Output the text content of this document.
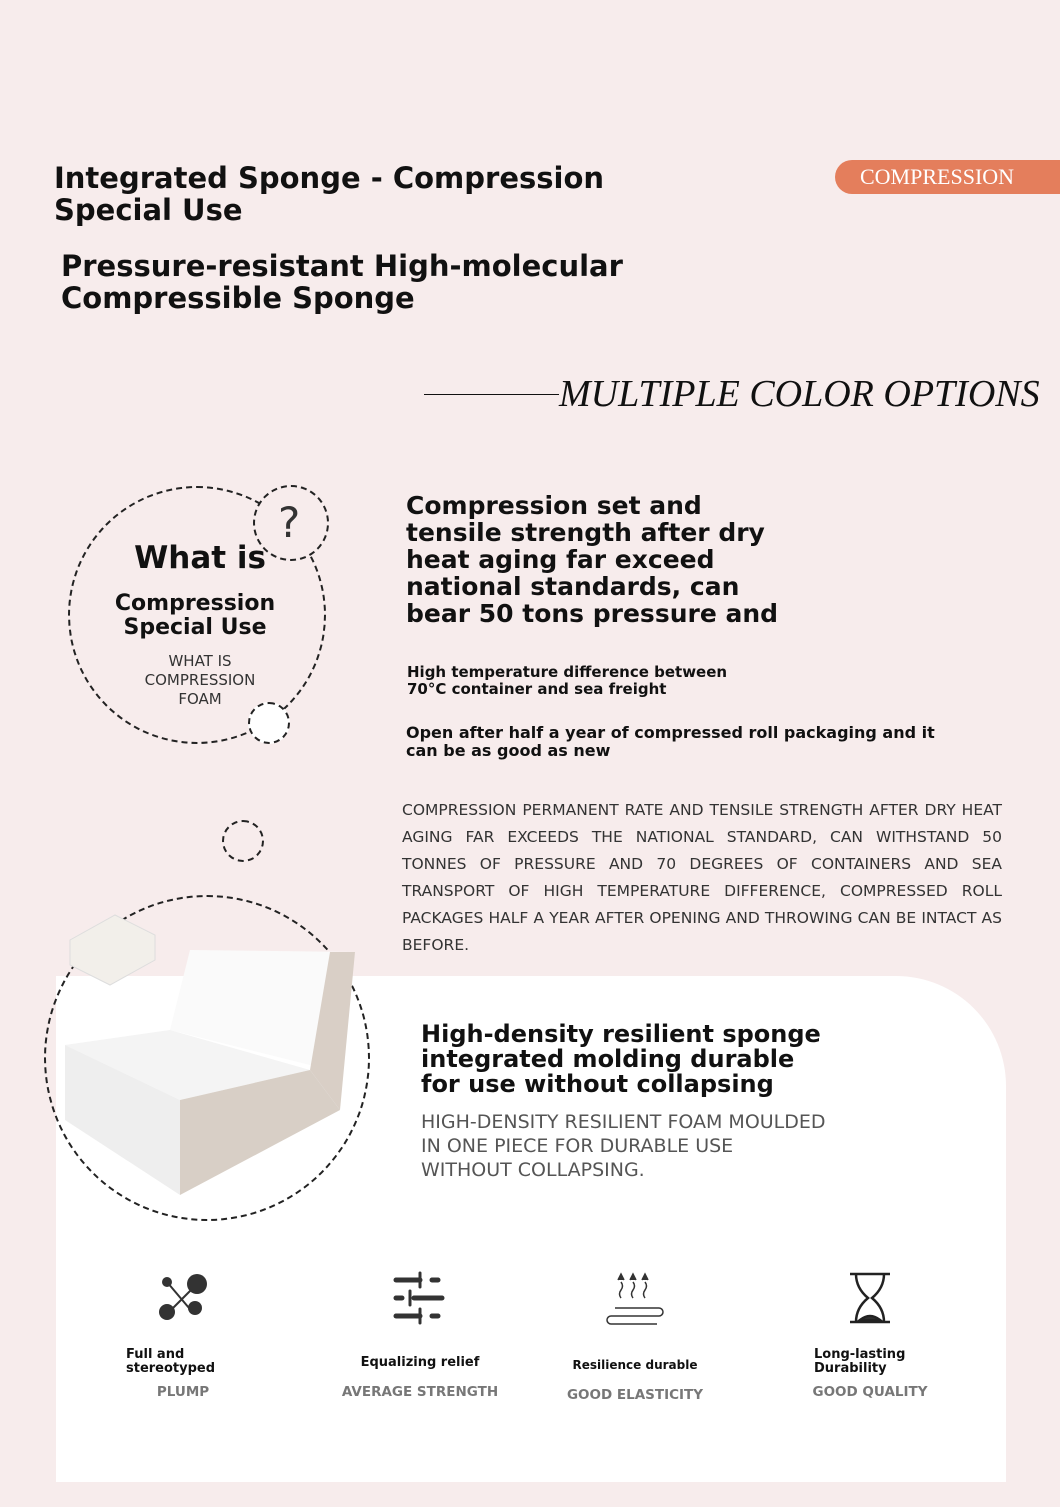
Integrated Sponge - Compression
Special Use
Pressure-resistant High-molecular
Compressible Sponge
COMPRESSION
MULTIPLE COLOR OPTIONS
?
What is
Compression
Special Use
WHAT IS
COMPRESSION
FOAM
Compression set and tensile strength after dry heat aging far exceed national standards, can bear 50 tons pressure and
High temperature difference between 70°C container and sea freight
Open after half a year of compressed roll packaging and it can be as good as new
COMPRESSION PERMANENT RATE AND TENSILE STRENGTH AFTER DRY HEAT AGING FAR EXCEEDS THE NATIONAL STANDARD, CAN WITHSTAND 50 TONNES OF PRESSURE AND 70 DEGREES OF CONTAINERS AND SEA TRANSPORT OF HIGH TEMPERATURE DIFFERENCE, COMPRESSED ROLL PACKAGES HALF A YEAR AFTER OPENING AND THROWING CAN BE INTACT AS BEFORE.
High-density resilient sponge
integrated molding durable
for use without collapsing
HIGH-DENSITY RESILIENT FOAM MOULDED
IN ONE PIECE FOR DURABLE USE
WITHOUT COLLAPSING.
Full and
stereotyped
PLUMP
Equalizing relief
AVERAGE STRENGTH
Resilience durable
GOOD ELASTICITY
Long-lasting
Durability
GOOD QUALITY
